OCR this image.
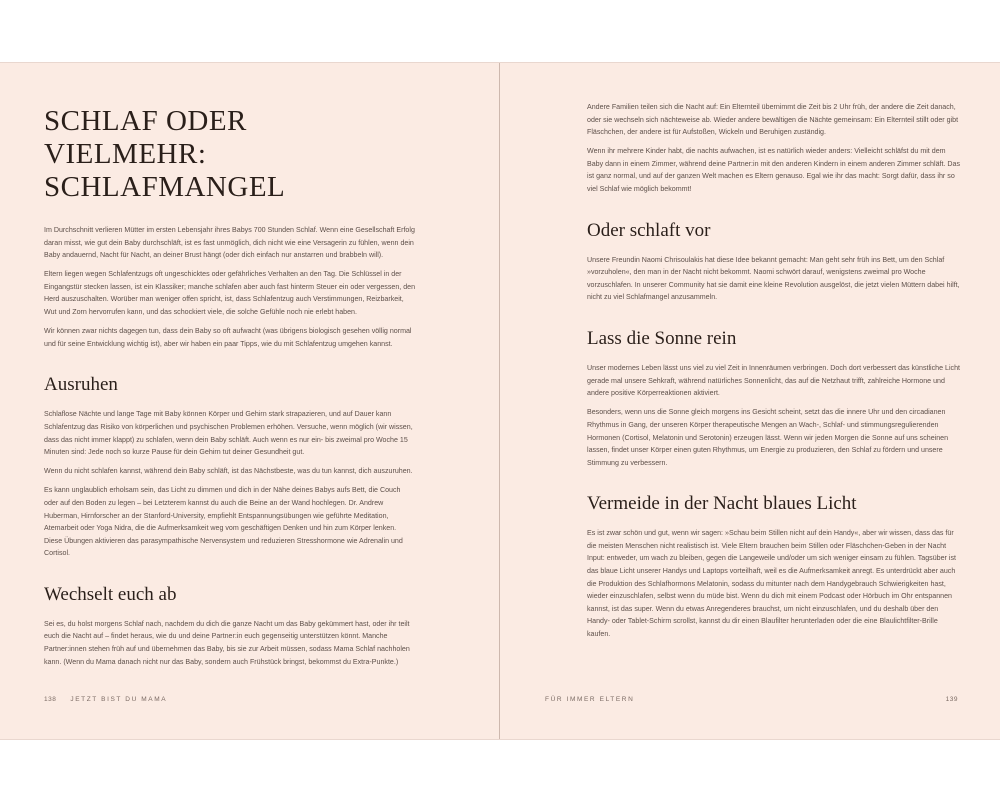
SCHLAF ODER VIELMEHR:
SCHLAFMANGEL

Im Durchschnitt verlieren Mütter im ersten Lebensjahr ihres Babys 700 Stunden Schlaf. Wenn eine Gesellschaft Erfolg daran misst, wie gut dein Baby durchschläft, ist es fast unmöglich, dich nicht wie eine Versagerin zu fühlen, wenn dein Baby andauernd, Nacht für Nacht, an deiner Brust hängt (oder dich einfach nur anstarren und brabbeln will).

Eltern liegen wegen Schlafentzugs oft ungeschicktes oder gefährliches Verhalten an den Tag. Die Schlüssel in der Eingangstür stecken lassen, ist ein Klassiker; manche schlafen aber auch fast hinterm Steuer ein oder vergessen, den Herd auszuschalten. Worüber man weniger offen spricht, ist, dass Schlafentzug auch Verstimmungen, Reizbarkeit, Wut und Zorn hervorrufen kann, und das schockiert viele, die solche Gefühle noch nie erlebt haben.

Wir können zwar nichts dagegen tun, dass dein Baby so oft aufwacht (was übrigens biologisch gesehen völlig normal und für seine Entwicklung wichtig ist), aber wir haben ein paar Tipps, wie du mit Schlafentzug umgehen kannst.

Ausruhen

Schlaflose Nächte und lange Tage mit Baby können Körper und Gehirn stark strapazieren, und auf Dauer kann Schlafentzug das Risiko von körperlichen und psychischen Problemen erhöhen. Versuche, wenn möglich (wir wissen, dass das nicht immer klappt) zu schlafen, wenn dein Baby schläft. Auch wenn es nur ein- bis zweimal pro Woche 15 Minuten sind: Jede noch so kurze Pause für dein Gehirn tut deiner Gesundheit gut.

Wenn du nicht schlafen kannst, während dein Baby schläft, ist das Nächstbeste, was du tun kannst, dich auszuruhen.

Es kann unglaublich erholsam sein, das Licht zu dimmen und dich in der Nähe deines Babys aufs Bett, die Couch oder auf den Boden zu legen – bei Letzterem kannst du auch die Beine an der Wand hochlegen. Dr. Andrew Huberman, Hirnforscher an der Stanford-University, empfiehlt Entspannungsübungen wie geführte Meditation, Atemarbeit oder Yoga Nidra, die die Aufmerksamkeit weg vom geschäftigen Denken und hin zum Körper lenken. Diese Übungen aktivieren das parasympathische Nervensystem und reduzieren Stresshormone wie Adrenalin und Cortisol.

Wechselt euch ab

Sei es, du holst morgens Schlaf nach, nachdem du dich die ganze Nacht um das Baby gekümmert hast, oder ihr teilt euch die Nacht auf – findet heraus, wie du und deine Partner:in euch gegenseitig unterstützen könnt. Manche Partner:innen stehen früh auf und übernehmen das Baby, bis sie zur Arbeit müssen, sodass Mama Schlaf nachholen kann. (Wenn du Mama danach nicht nur das Baby, sondern auch Frühstück bringst, bekommst du Extra-Punkte.)

138 JETZT BIST DU MAMA

Andere Familien teilen sich die Nacht auf: Ein Elternteil übernimmt die Zeit bis 2 Uhr früh, der andere die Zeit danach, oder sie wechseln sich nächteweise ab. Wieder andere bewältigen die Nächte gemeinsam: Ein Elternteil stillt oder gibt Fläschchen, der andere ist für Aufstoßen, Wickeln und Beruhigen zuständig.

Wenn ihr mehrere Kinder habt, die nachts aufwachen, ist es natürlich wieder anders: Vielleicht schläfst du mit dem Baby dann in einem Zimmer, während deine Partner:in mit den anderen Kindern in einem anderen Zimmer schläft. Das ist ganz normal, und auf der ganzen Welt machen es Eltern genauso. Egal wie ihr das macht: Sorgt dafür, dass ihr so viel Schlaf wie möglich bekommt!

Oder schlaft vor

Unsere Freundin Naomi Chrisoulakis hat diese Idee bekannt gemacht: Man geht sehr früh ins Bett, um den Schlaf »vorzuholen«, den man in der Nacht nicht bekommt. Naomi schwört darauf, wenigstens zweimal pro Woche vorzuschlafen. In unserer Community hat sie damit eine kleine Revolution ausgelöst, die jetzt vielen Müttern dabei hilft, nicht zu viel Schlafmangel anzusammeln.

Lass die Sonne rein

Unser modernes Leben lässt uns viel zu viel Zeit in Innenräumen verbringen. Doch dort verbessert das künstliche Licht gerade mal unsere Sehkraft, während natürliches Sonnenlicht, das auf die Netzhaut trifft, zahlreiche Hormone und andere positive Körperreaktionen aktiviert.

Besonders, wenn uns die Sonne gleich morgens ins Gesicht scheint, setzt das die innere Uhr und den circadianen Rhythmus in Gang, der unseren Körper therapeutische Mengen an Wach-, Schlaf- und stimmungsregulierenden Hormonen (Cortisol, Melatonin und Serotonin) erzeugen lässt. Wenn wir jeden Morgen die Sonne auf uns scheinen lassen, findet unser Körper einen guten Rhythmus, um Energie zu produzieren, den Schlaf zu fördern und unsere Stimmung zu verbessern.

Vermeide in der Nacht blaues Licht

Es ist zwar schön und gut, wenn wir sagen: »Schau beim Stillen nicht auf dein Handy«, aber wir wissen, dass das für die meisten Menschen nicht realistisch ist. Viele Eltern brauchen beim Stillen oder Fläschchen-Geben in der Nacht Input: entweder, um wach zu bleiben, gegen die Langeweile und/oder um sich weniger einsam zu fühlen. Tagsüber ist das blaue Licht unserer Handys und Laptops vorteilhaft, weil es die Aufmerksamkeit anregt. Es unterdrückt aber auch die Produktion des Schlafhormons Melatonin, sodass du mitunter nach dem Handygebrauch Schwierigkeiten hast, wieder einzuschlafen, selbst wenn du müde bist. Wenn du dich mit einem Podcast oder Hörbuch im Ohr entspannen kannst, ist das super. Wenn du etwas Anregenderes brauchst, um nicht einzuschlafen, und du deshalb über den Handy- oder Tablet-Schirm scrollst, kannst du dir einen Blaufilter herunterladen oder die eine Blaulichtfilter-Brille kaufen.

FÜR IMMER ELTERN	139
